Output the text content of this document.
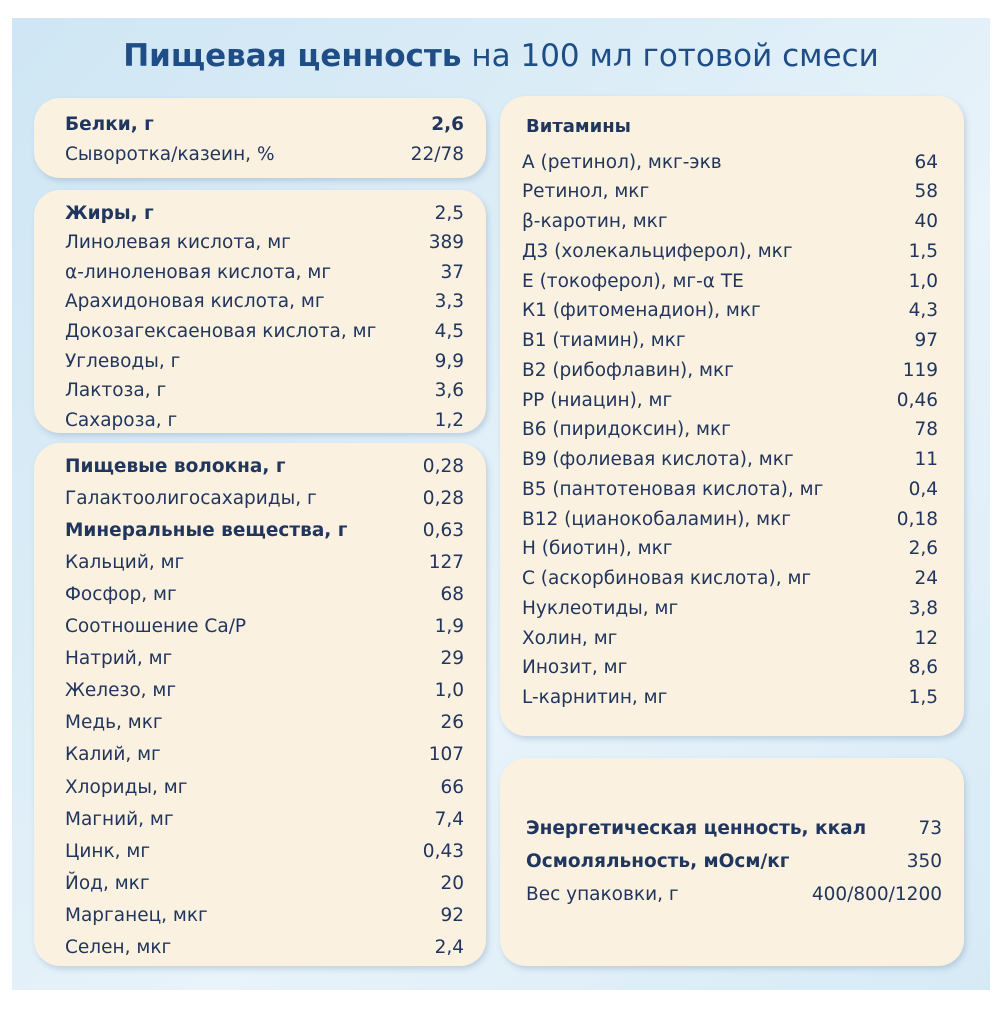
Пищевая ценность на 100 мл готовой смеси
Белки, г	2,6
Сыворотка/казеин, %	22/78
Жиры, г	2,5
Линолевая кислота, мг	389
α-линоленовая кислота, мг	37
Арахидоновая кислота, мг	3,3
Докозагексаеновая кислота, мг	4,5
Углеводы, г	9,9
Лактоза, г	3,6
Сахароза, г	1,2
Пищевые волокна, г	0,28
Галактоолигосахариды, г	0,28
Минеральные вещества, г	0,63
Кальций, мг	127
Фосфор, мг	68
Соотношение Са/Р	1,9
Натрий, мг	29
Железо, мг	1,0
Медь, мкг	26
Калий, мг	107
Хлориды, мг	66
Магний, мг	7,4
Цинк, мг	0,43
Йод, мкг	20
Марганец, мкг	92
Селен, мкг	2,4
Витамины
А (ретинол), мкг-экв	64
Ретинол, мкг	58
β-каротин, мкг	40
Д3 (холекальциферол), мкг	1,5
Е (токоферол), мг-α ТЕ	1,0
К1 (фитоменадион), мкг	4,3
В1 (тиамин), мкг	97
В2 (рибофлавин), мкг	119
РР (ниацин), мг	0,46
В6 (пиридоксин), мкг	78
В9 (фолиевая кислота), мкг	11
В5 (пантотеновая кислота), мг	0,4
В12 (цианокобаламин), мкг	0,18
Н (биотин), мкг	2,6
С (аскорбиновая кислота), мг	24
Нуклеотиды, мг	3,8
Холин, мг	12
Инозит, мг	8,6
L-карнитин, мг	1,5
Энергетическая ценность, ккал	73
Осмоляльность, мОсм/кг	350
Вес упаковки, г	400/800/1200
